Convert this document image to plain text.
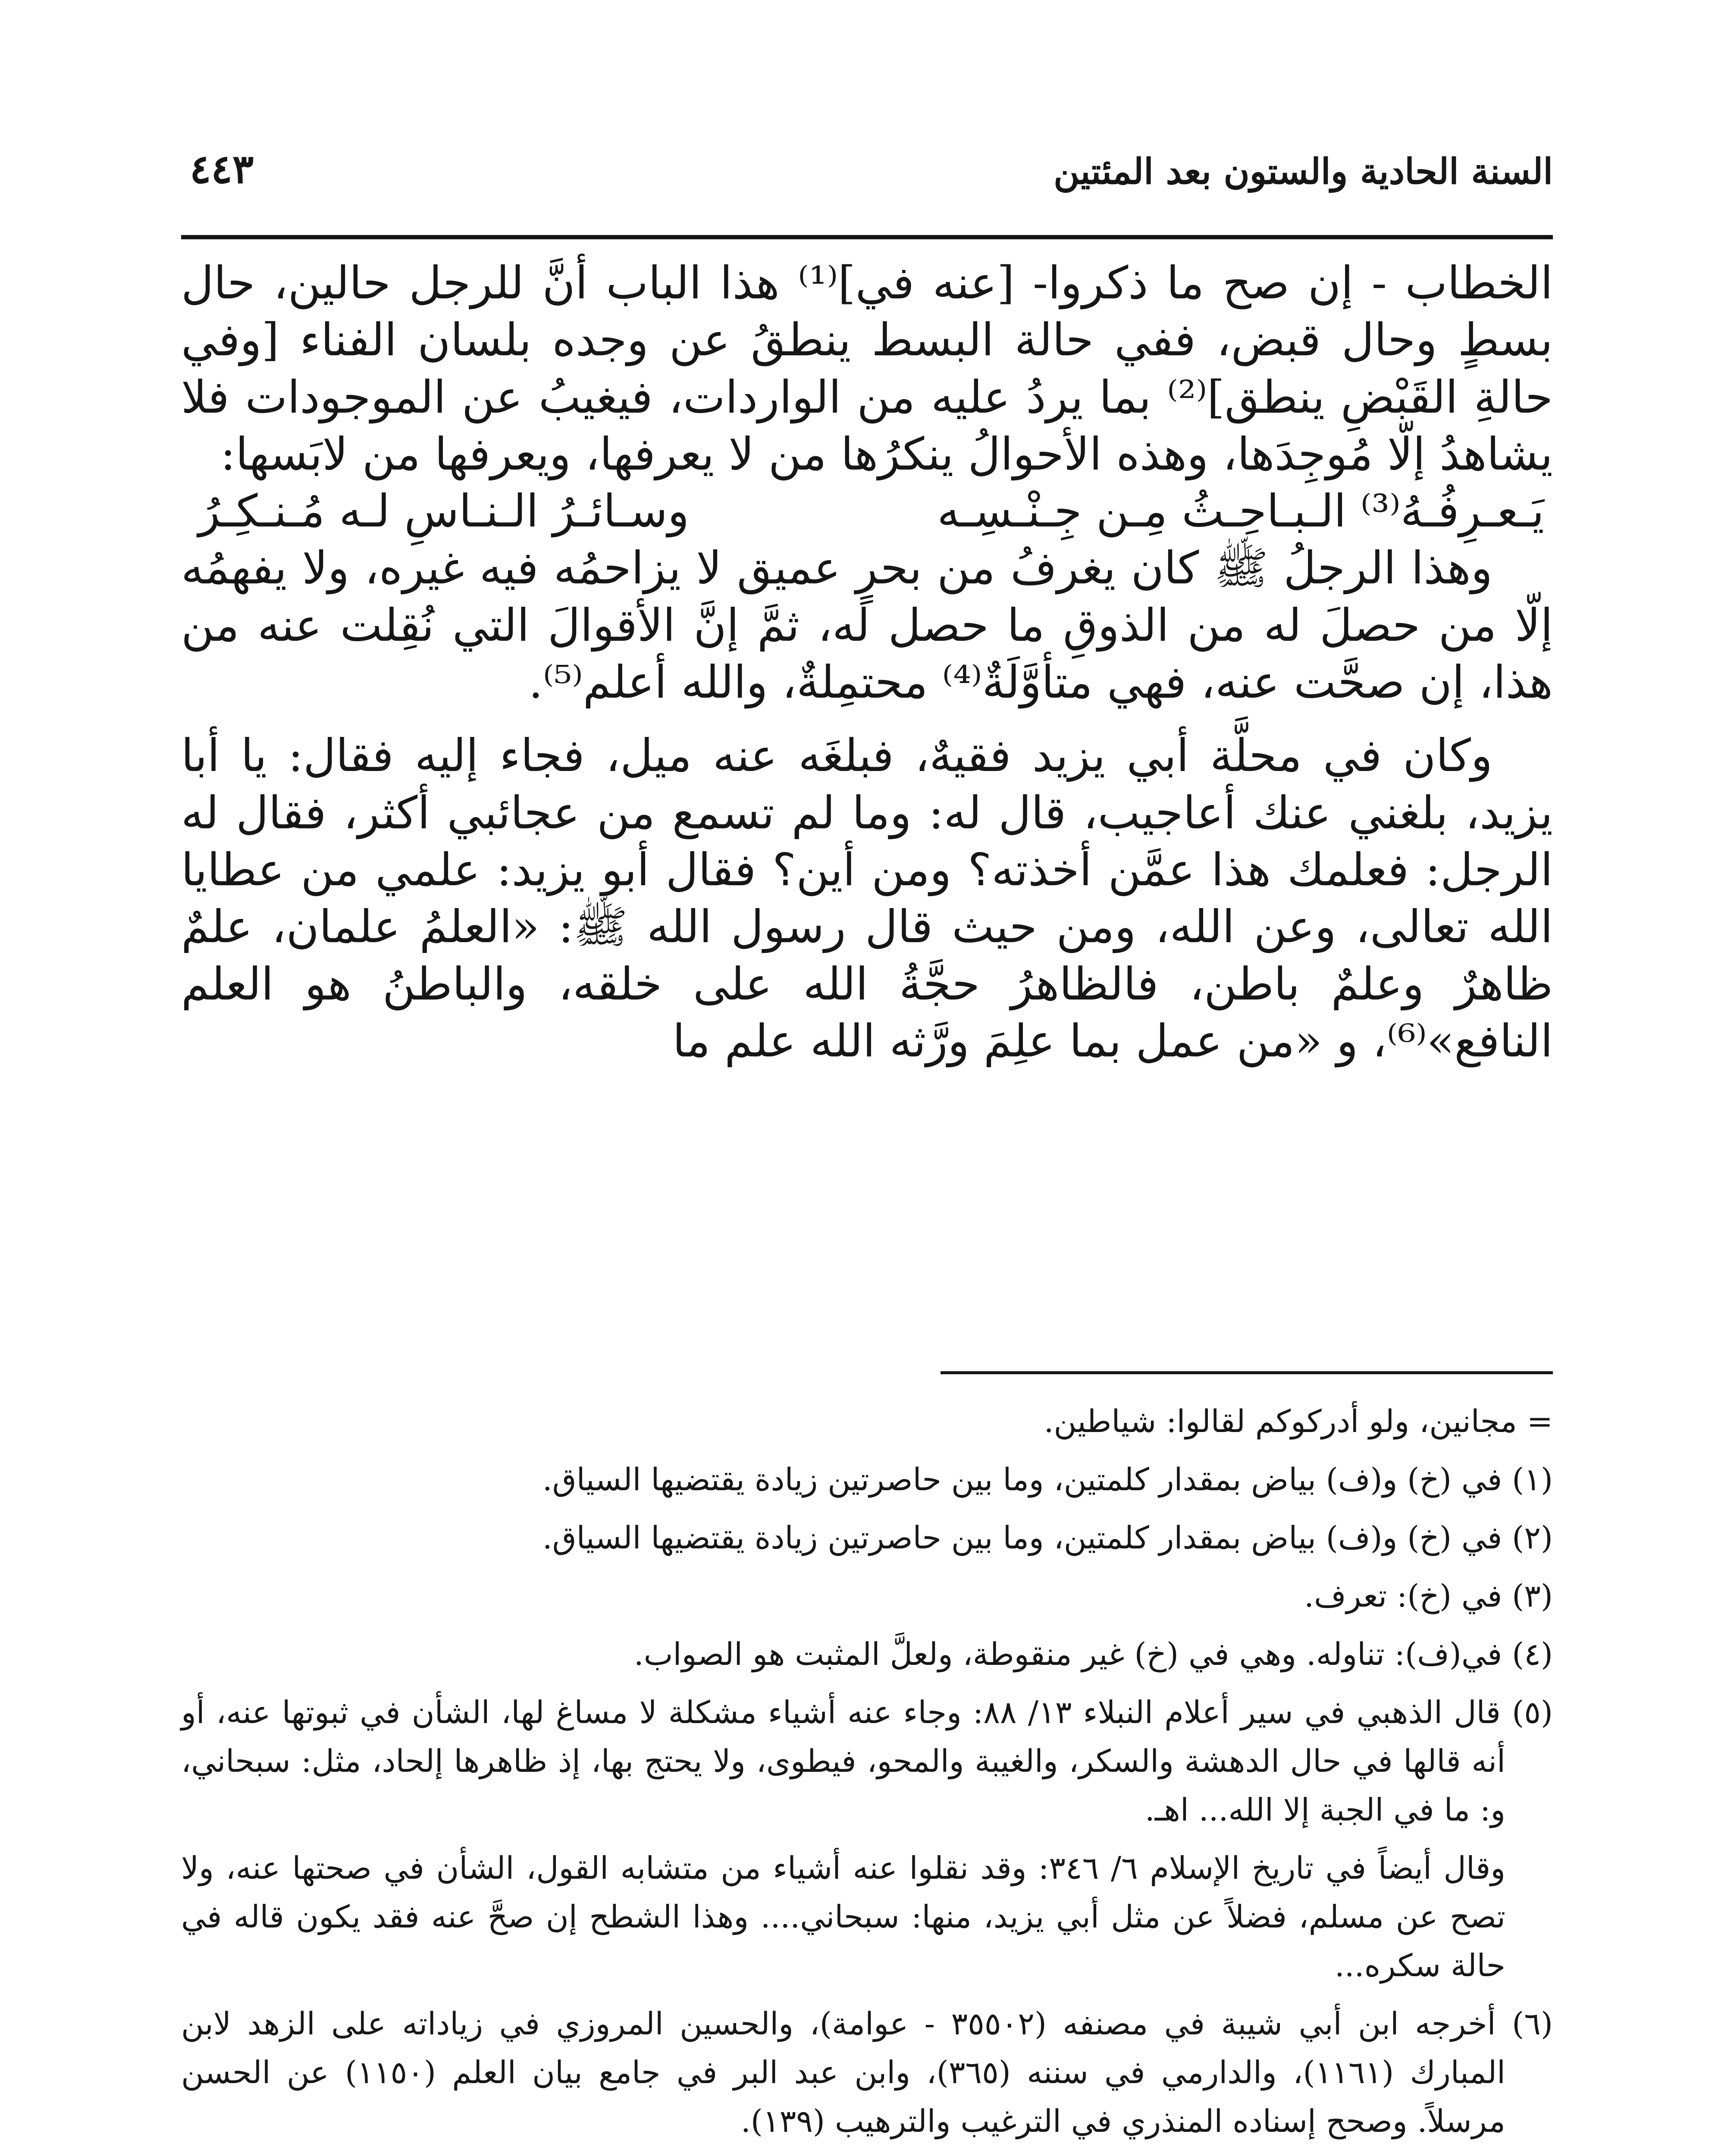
السنة الحادية والستون بعد المئتين
٤٤٣

الخطاب - إن صح ما ذكروا- [عنه في]⁽¹⁾ هذا الباب أنَّ للرجل حالين، حال بسطٍ وحال قبض، ففي حالة البسط ينطقُ عن وجده بلسان الفناء [وفي حالةِ القَبْضِ ينطق]⁽²⁾ بما يردُ عليه من الواردات، فيغيبُ عن الموجودات فلا يشاهدُ إلّا مُوجِدَها، وهذه الأحوالُ ينكرُها من لا يعرفها، ويعرفها من لابَسها:

يَـعـرِفُـهُ⁽³⁾ الـبـاحِـثُ مِـن جِـنْـسِـه
وسـائـرُ الـنـاسِ لـه مُـنـكِـرُ

وهذا الرجلُ ﷺ كان يغرفُ من بحرٍ عميق لا يزاحمُه فيه غيره، ولا يفهمُه إلّا من حصلَ له من الذوقِ ما حصل له، ثمَّ إنَّ الأقوالَ التي نُقِلت عنه من هذا، إن صحَّت عنه، فهي متأوَّلَةٌ⁽⁴⁾ محتمِلةٌ، والله أعلم⁽⁵⁾.

وكان في محلَّة أبي يزيد فقيهٌ، فبلغَه عنه ميل، فجاء إليه فقال: يا أبا يزيد، بلغني عنك أعاجيب، قال له: وما لم تسمع من عجائبي أكثر، فقال له الرجل: فعلمك هذا عمَّن أخذته؟ ومن أين؟ فقال أبو يزيد: علمي من عطايا الله تعالى، وعن الله، ومن حيث قال رسول الله ﷺ: «العلمُ علمان، علمٌ ظاهرٌ وعلمٌ باطن، فالظاهرُ حجَّةُ الله على خلقه، والباطنُ هو العلم النافع»⁽⁶⁾، و «من عمل بما علِمَ ورَّثه الله علم ما

= مجانين، ولو أدركوكم لقالوا: شياطين.

(١) في (خ) و(ف) بياض بمقدار كلمتين، وما بين حاصرتين زيادة يقتضيها السياق.

(٢) في (خ) و(ف) بياض بمقدار كلمتين، وما بين حاصرتين زيادة يقتضيها السياق.

(٣) في (خ): تعرف.

(٤) في(ف): تناوله. وهي في (خ) غير منقوطة، ولعلَّ المثبت هو الصواب.

(٥) قال الذهبي في سير أعلام النبلاء ١٣/ ٨٨: وجاء عنه أشياء مشكلة لا مساغ لها، الشأن في ثبوتها عنه، أو أنه قالها في حال الدهشة والسكر، والغيبة والمحو، فيطوى، ولا يحتج بها، إذ ظاهرها إلحاد، مثل: سبحاني، و: ما في الجبة إلا الله... اهـ.

وقال أيضاً في تاريخ الإسلام ٦/ ٣٤٦: وقد نقلوا عنه أشياء من متشابه القول، الشأن في صحتها عنه، ولا تصح عن مسلم، فضلاً عن مثل أبي يزيد، منها: سبحاني.... وهذا الشطح إن صحَّ عنه فقد يكون قاله في حالة سكره...

(٦) أخرجه ابن أبي شيبة في مصنفه (٣٥٥٠٢ - عوامة)، والحسين المروزي في زياداته على الزهد لابن المبارك (١١٦١)، والدارمي في سننه (٣٦٥)، وابن عبد البر في جامع بيان العلم (١١٥٠) عن الحسن مرسلاً. وصحح إسناده المنذري في الترغيب والترهيب (١٣٩).
